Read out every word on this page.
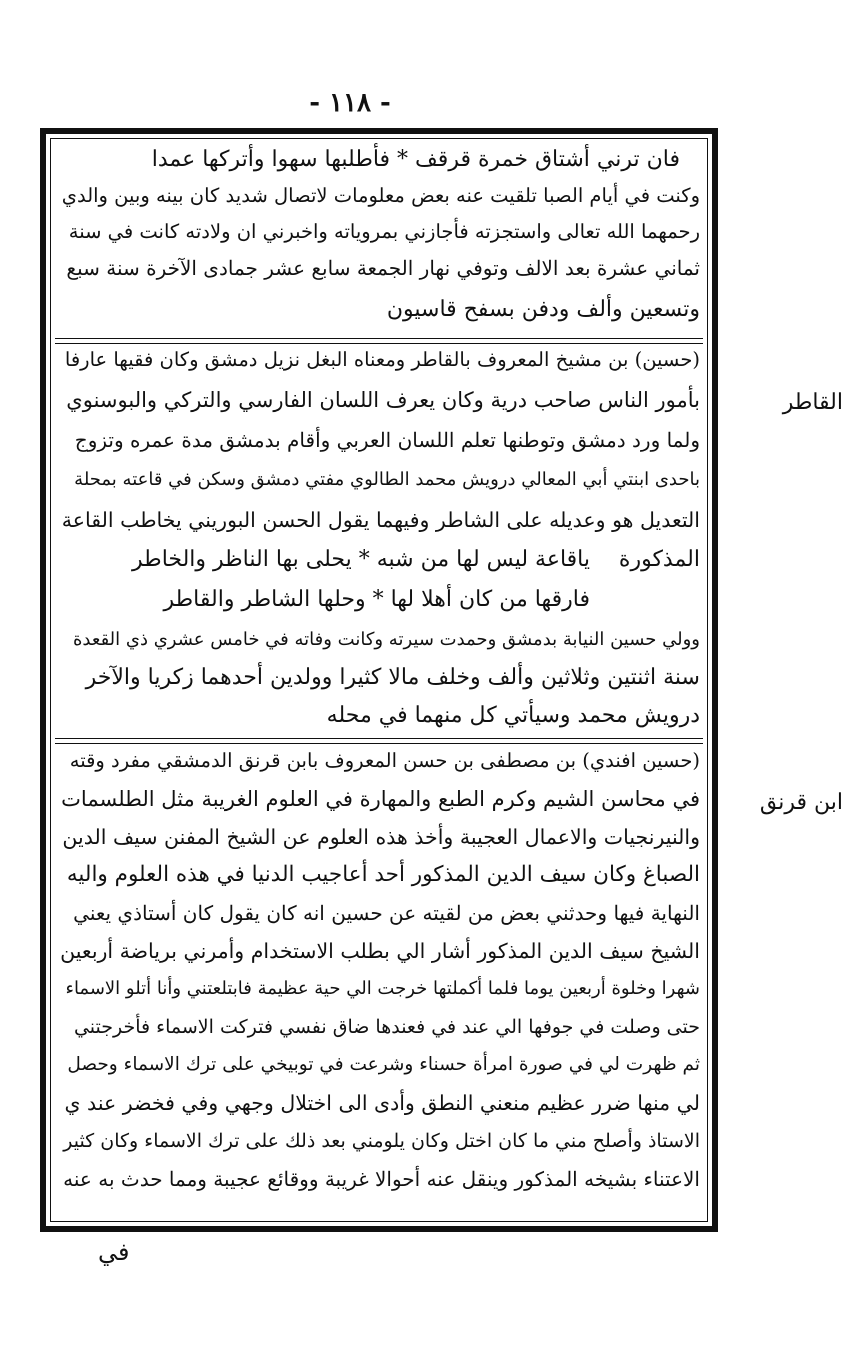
- ١١٨ -
فان ترني أشتاق خمرة قرقف * فأطلبها سهوا وأتركها عمدا
وكنت في أيام الصبا تلقيت عنه بعض معلومات لاتصال شديد كان بينه وبين والدي
رحمهما الله تعالى واستجزته فأجازني بمروياته واخبرني ان ولادته كانت في سنة
ثماني عشرة بعد الالف وتوفي نهار الجمعة سابع عشر جمادى الآخرة سنة سبع
وتسعين وألف ودفن بسفح قاسيون
القاطر
(حسين) بن مشيخ المعروف بالقاطر ومعناه البغل نزيل دمشق وكان فقيها عارفا
بأمور الناس صاحب درية وكان يعرف اللسان الفارسي والتركي والبوسنوي
ولما ورد دمشق وتوطنها تعلم اللسان العربي وأقام بدمشق مدة عمره وتزوج
باحدى ابنتي أبي المعالي درويش محمد الطالوي مفتي دمشق وسكن في قاعته بمحلة
التعديل هو وعديله على الشاطر وفيهما يقول الحسن البوريني يخاطب القاعة
المذكورة
ياقاعة ليس لها من شبه * يحلى بها الناظر والخاطر
فارقها من كان أهلا لها * وحلها الشاطر والقاطر
وولي حسين النيابة بدمشق وحمدت سيرته وكانت وفاته في خامس عشري ذي القعدة
سنة اثنتين وثلاثين وألف وخلف مالا كثيرا وولدين أحدهما زكريا والآخر
درويش محمد وسيأتي كل منهما في محله
ابن قرنق
(حسين افندي) بن مصطفى بن حسن المعروف بابن قرنق الدمشقي مفرد وقته
في محاسن الشيم وكرم الطبع والمهارة في العلوم الغريبة مثل الطلسمات
والنيرنجيات والاعمال العجيبة وأخذ هذه العلوم عن الشيخ المفنن سيف الدين
الصباغ وكان سيف الدين المذكور أحد أعاجيب الدنيا في هذه العلوم واليه
النهاية فيها وحدثني بعض من لقيته عن حسين انه كان يقول كان أستاذي يعني
الشيخ سيف الدين المذكور أشار الي بطلب الاستخدام وأمرني برياضة أربعين
شهرا وخلوة أربعين يوما فلما أكملتها خرجت الي حية عظيمة فابتلعتني وأنا أتلو الاسماء
حتى وصلت في جوفها الي عند في فعندها ضاق نفسي فتركت الاسماء فأخرجتني
ثم ظهرت لي في صورة امرأة حسناء وشرعت في توبيخي على ترك الاسماء وحصل
لي منها ضرر عظيم منعني النطق وأدى الى اختلال وجهي وفي فخضر عند ي
الاستاذ وأصلح مني ما كان اختل وكان يلومني بعد ذلك على ترك الاسماء وكان كثير
الاعتناء بشيخه المذكور وينقل عنه أحوالا غريبة ووقائع عجيبة ومما حدث به عنه
في
